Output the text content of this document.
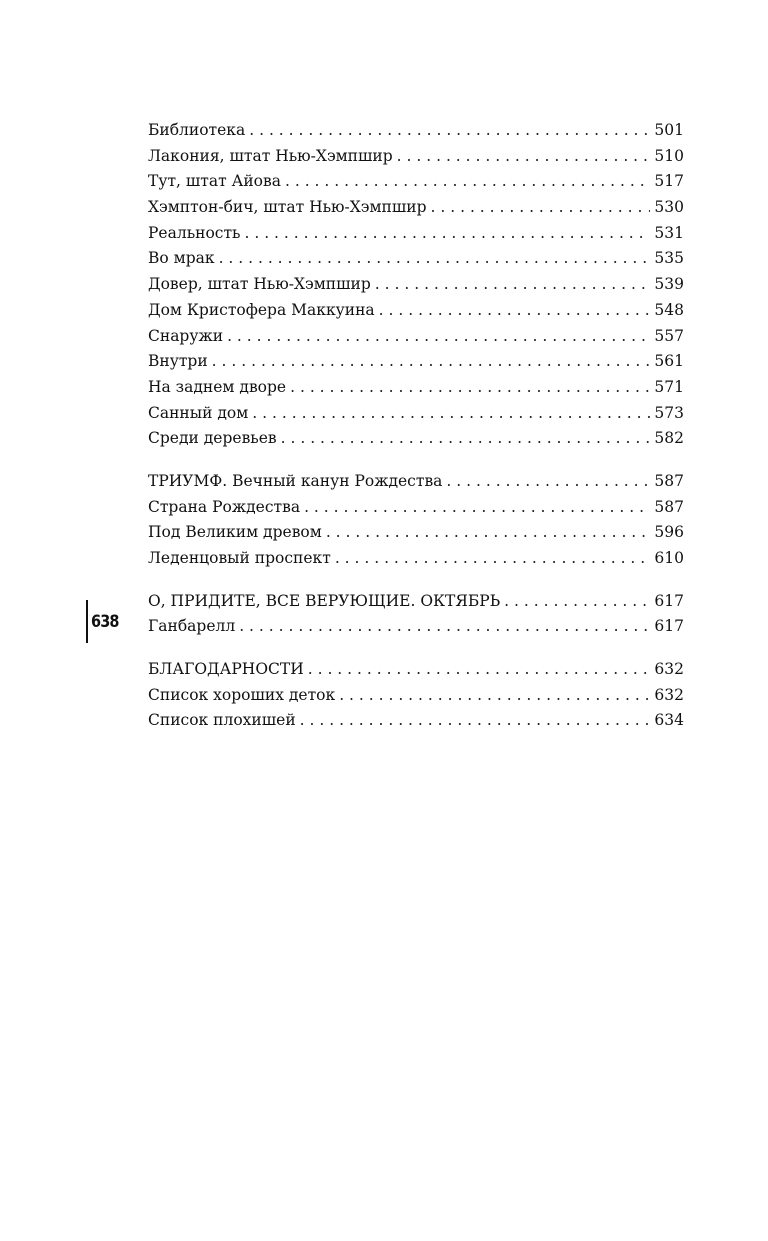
638
Библиотека . . .	501
Лакония, штат Нью-Хэмпшир . . .	510
Тут, штат Айова . . .	517
Хэмптон-бич, штат Нью-Хэмпшир . . .	530
Реальность . . .	531
Во мрак . . .	535
Довер, штат Нью-Хэмпшир . . .	539
Дом Кристофера Маккуина . . .	548
Снаружи . . .	557
Внутри . . .	561
На заднем дворе . . .	571
Санный дом . . .	573
Среди деревьев . . .	582
ТРИУМФ. Вечный канун Рождества . . .	587
Страна Рождества . . .	587
Под Великим древом . . .	596
Леденцовый проспект . . .	610
О, ПРИДИТЕ, ВСЕ ВЕРУЮЩИЕ. ОКТЯБРЬ . . .	617
Ганбарелл . . .	617
БЛАГОДАРНОСТИ . . .	632
Список хороших деток . . .	632
Список плохишей . . .	634
